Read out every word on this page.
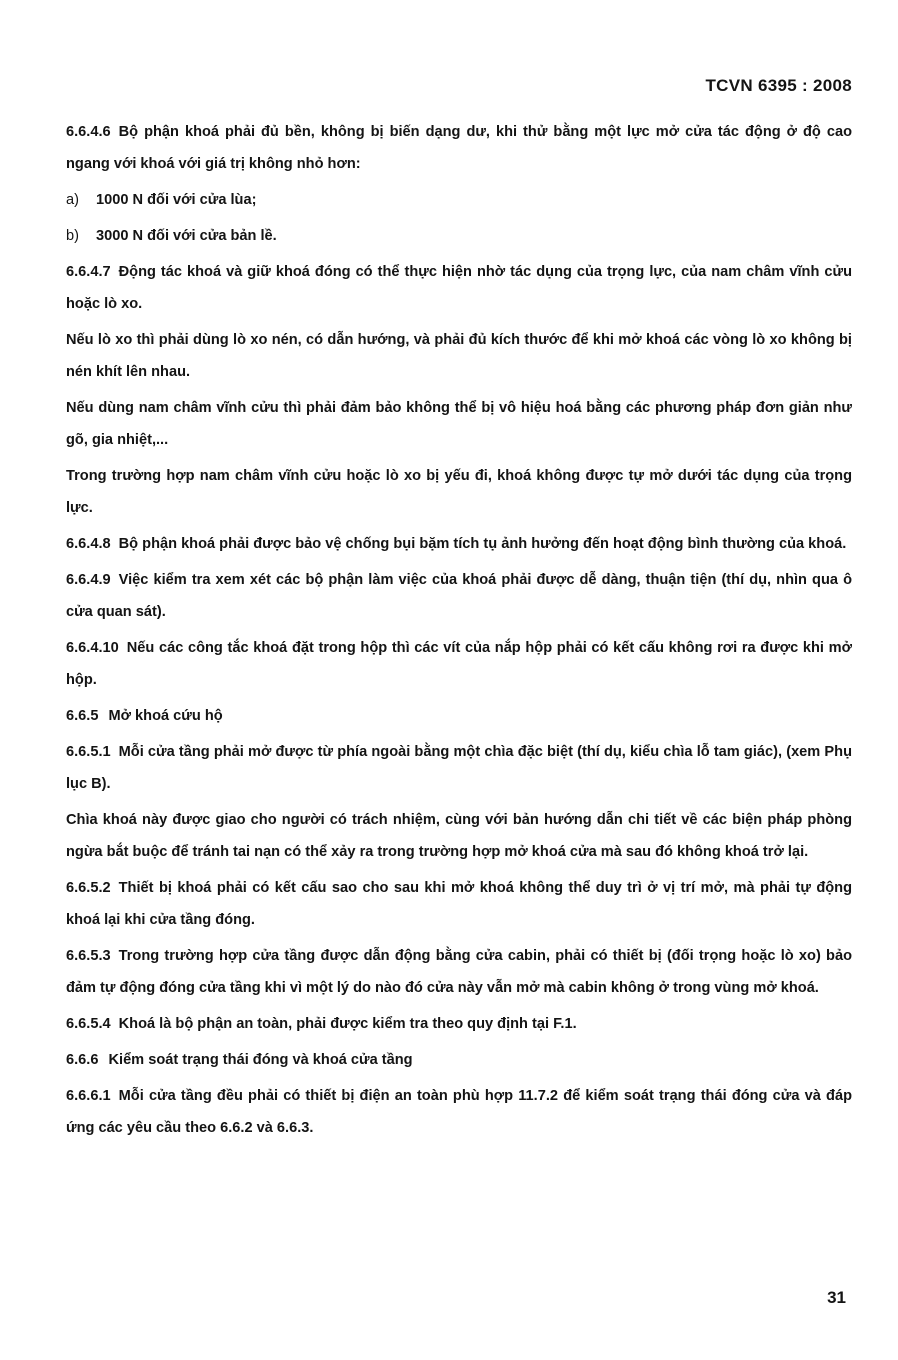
TCVN 6395 : 2008

6.6.4.6 Bộ phận khoá phải đủ bền, không bị biến dạng dư, khi thử bằng một lực mở cửa tác động ở độ cao ngang với khoá với giá trị không nhỏ hơn:

a) 1000 N đối với cửa lùa;
b) 3000 N đối với cửa bản lề.

6.6.4.7 Động tác khoá và giữ khoá đóng có thể thực hiện nhờ tác dụng của trọng lực, của nam châm vĩnh cửu hoặc lò xo.

Nếu lò xo thì phải dùng lò xo nén, có dẫn hướng, và phải đủ kích thước để khi mở khoá các vòng lò xo không bị nén khít lên nhau.

Nếu dùng nam châm vĩnh cửu thì phải đảm bảo không thể bị vô hiệu hoá bằng các phương pháp đơn giản như gõ, gia nhiệt,...

Trong trường hợp nam châm vĩnh cửu hoặc lò xo bị yếu đi, khoá không được tự mở dưới tác dụng của trọng lực.

6.6.4.8 Bộ phận khoá phải được bảo vệ chống bụi bặm tích tụ ảnh hưởng đến hoạt động bình thường của khoá.

6.6.4.9 Việc kiểm tra xem xét các bộ phận làm việc của khoá phải được dễ dàng, thuận tiện (thí dụ, nhìn qua ô cửa quan sát).

6.6.4.10 Nếu các công tắc khoá đặt trong hộp thì các vít của nắp hộp phải có kết cấu không rơi ra được khi mở hộp.

6.6.5 Mở khoá cứu hộ

6.6.5.1 Mỗi cửa tầng phải mở được từ phía ngoài bằng một chìa đặc biệt (thí dụ, kiểu chìa lỗ tam giác), (xem Phụ lục B).

Chìa khoá này được giao cho người có trách nhiệm, cùng với bản hướng dẫn chi tiết về các biện pháp phòng ngừa bắt buộc để tránh tai nạn có thể xảy ra trong trường hợp mở khoá cửa mà sau đó không khoá trở lại.

6.6.5.2 Thiết bị khoá phải có kết cấu sao cho sau khi mở khoá không thể duy trì ở vị trí mở, mà phải tự động khoá lại khi cửa tầng đóng.

6.6.5.3 Trong trường hợp cửa tầng được dẫn động bằng cửa cabin, phải có thiết bị (đối trọng hoặc lò xo) bảo đảm tự động đóng cửa tầng khi vì một lý do nào đó cửa này vẫn mở mà cabin không ở trong vùng mở khoá.

6.6.5.4 Khoá là bộ phận an toàn, phải được kiểm tra theo quy định tại F.1.

6.6.6 Kiểm soát trạng thái đóng và khoá cửa tầng

6.6.6.1 Mỗi cửa tầng đều phải có thiết bị điện an toàn phù hợp 11.7.2 để kiểm soát trạng thái đóng cửa và đáp ứng các yêu cầu theo 6.6.2 và 6.6.3.

31
